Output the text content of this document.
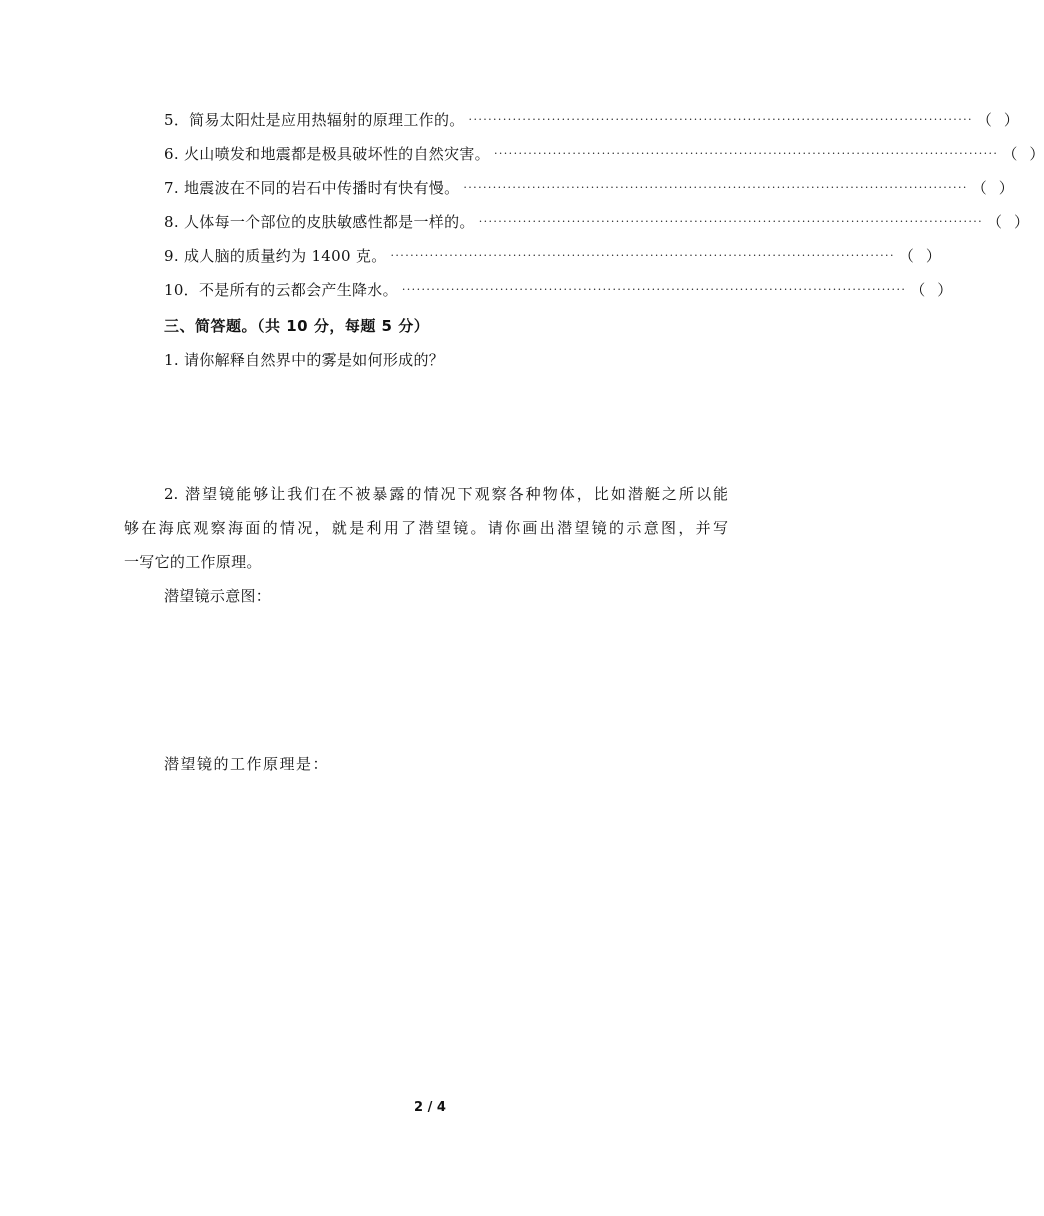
5．简易太阳灶是应用热辐射的原理工作的。 ······································································································· （ ）
6. 火山喷发和地震都是极具破坏性的自然灾害。 ······································································································· （ ）
7. 地震波在不同的岩石中传播时有快有慢。 ······································································································· （ ）
8. 人体每一个部位的皮肤敏感性都是一样的。 ······································································································· （ ）
9. 成人脑的质量约为 1400 克。 ······································································································· （ ）
10．不是所有的云都会产生降水。 ······································································································· （ ）
三、简答题。（共 10 分，每题 5 分）
1. 请你解释自然界中的雾是如何形成的？
2. 潜望镜能够让我们在不被暴露的情况下观察各种物体，比如潜艇之所以能
够在海底观察海面的情况，就是利用了潜望镜。请你画出潜望镜的示意图，并写
一写它的工作原理。
潜望镜示意图：
潜望镜的工作原理是：
2 / 4
